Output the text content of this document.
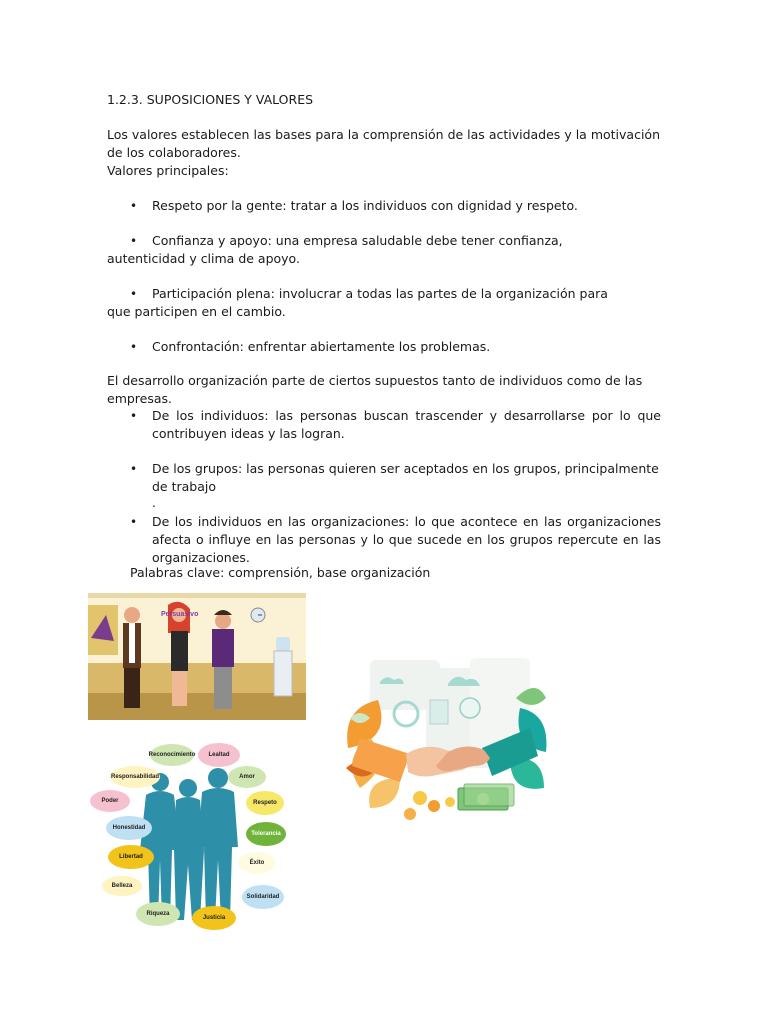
1.2.3. SUPOSICIONES Y VALORES
Los valores establecen las bases para la comprensión de las actividades y la motivación de los colaboradores.
Valores principales:
• Respeto por la gente: tratar a los individuos con dignidad y respeto.
• Confianza y apoyo: una empresa saludable debe tener confianza,
autenticidad y clima de apoyo.
• Participación plena: involucrar a todas las partes de la organización para
que participen en el cambio.
• Confrontación: enfrentar abiertamente los problemas.
El desarrollo organización parte de ciertos supuestos tanto de individuos como de las empresas.
• De los individuos: las personas buscan trascender y desarrollarse por lo que contribuyen ideas y las logran.
• De los grupos: las personas quieren ser aceptados en los grupos, principalmente de trabajo
.
• De los individuos en las organizaciones: lo que acontece en las organizaciones afecta o influye en las personas y lo que sucede en los grupos repercute en las organizaciones.
Palabras clave: comprensión, base organización
Persuasivo
Reconocimiento	Lealtad
Responsabilidad	Amor
Poder	Respeto
Honestidad
Tolerancia
Libertad
Éxito
Belleza
Solidaridad
Riqueza
Justicia
